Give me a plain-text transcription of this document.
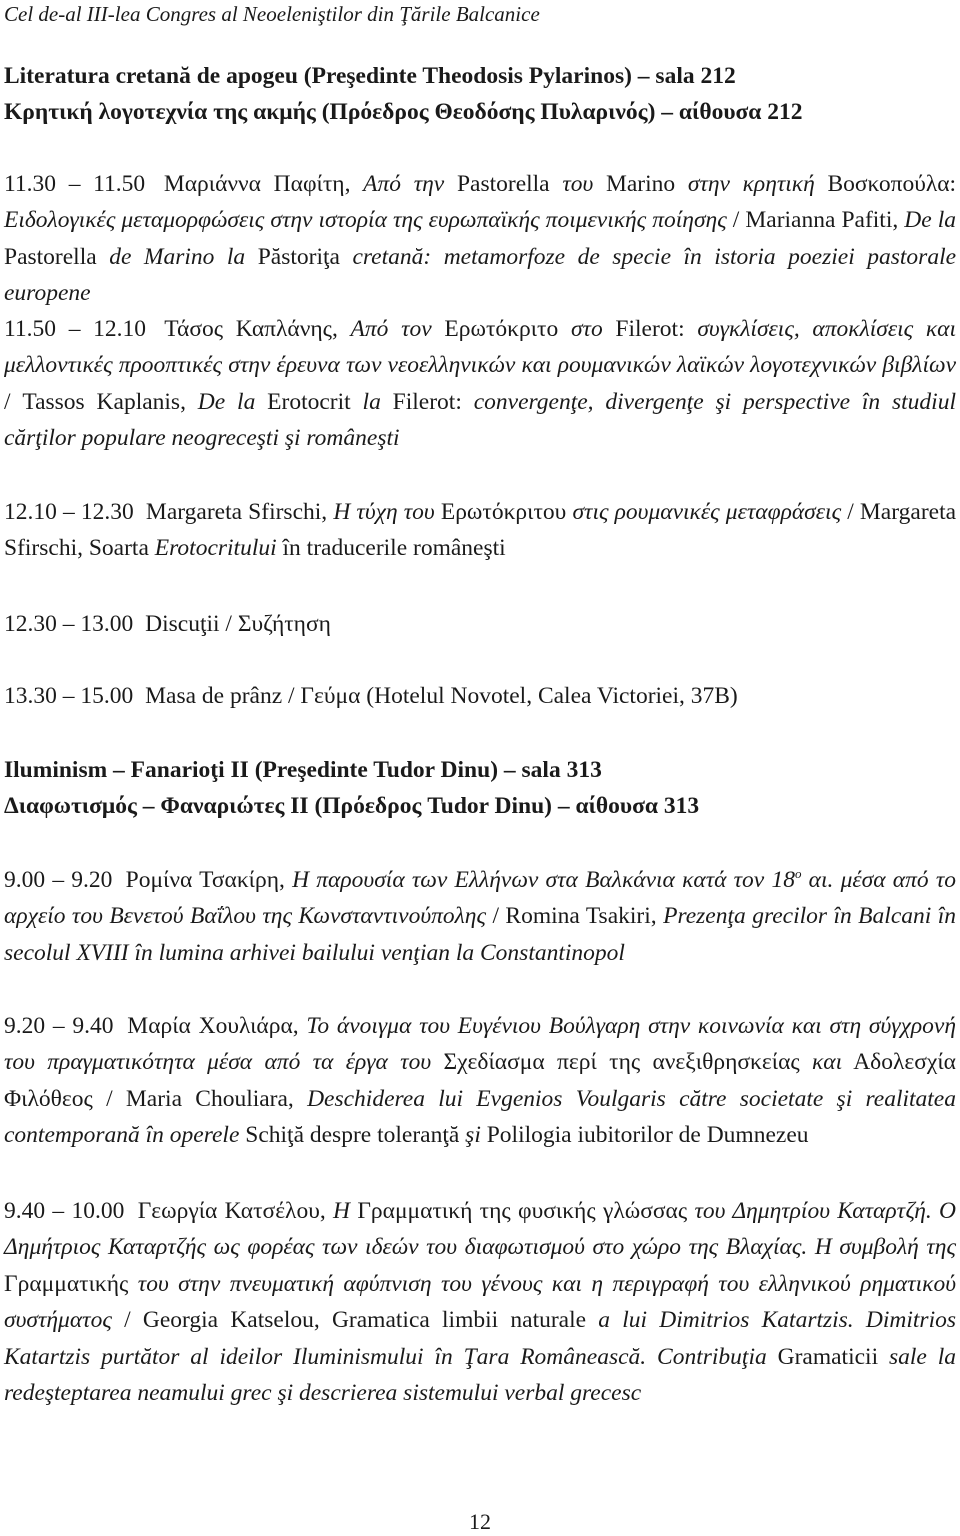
Cel de-al III-lea Congres al Neoeleniştilor din Ţările Balcanice
Literatura cretană de apogeu (Preşedinte Theodosis Pylarinos) – sala 212
Κρητική λογοτεχνία της ακμής (Πρόεδρος Θεοδόσης Πυλαρινός) – αίθουσα 212
11.30 – 11.50 Μαριάννα Παφίτη, Από την Pastorella του Marino στην κρητική Βοσκοπούλα: Ειδολογικές μεταμορφώσεις στην ιστορία της ευρωπαϊκής ποιμενικής ποίησης / Marianna Pafiti, De la Pastorella de Marino la Păstoriţa cretană: metamorfoze de specie în istoria poeziei pastorale europene
11.50 – 12.10 Τάσος Καπλάνης, Από τον Ερωτόκριτο στο Filerot: συγκλίσεις, αποκλίσεις και μελλοντικές προοπτικές στην έρευνα των νεοελληνικών και ρουμανικών λαϊκών λογοτεχνικών βιβλίων / Tassos Kaplanis, De la Erotocrit la Filerot: convergenţe, divergenţe şi perspective în studiul cărţilor populare neogreceşti şi româneşti
12.10 – 12.30 Margareta Sfirschi, Η τύχη του Ερωτόκριτου στις ρουμανικές μεταφράσεις / Margareta Sfirschi, Soarta Erotocritului în traducerile româneşti
12.30 – 13.00 Discuţii / Συζήτηση
13.30 – 15.00 Masa de prânz / Γεύμα (Hotelul Novotel, Calea Victoriei, 37B)
Iluminism – Fanarioţi II (Preşedinte Tudor Dinu) – sala 313
Διαφωτισμός – Φαναριώτες II (Πρόεδρος Tudor Dinu) – αίθουσα 313
9.00 – 9.20 Ρομίνα Τσακίρη, Η παρουσία των Ελλήνων στα Βαλκάνια κατά τον $18^o$ αι. μέσα από το αρχείο του Βενετού Βαΐλου της Κωνσταντινούπολης / Romina Tsakiri, Prezenţa grecilor în Balcani în secolul XVIII în lumina arhivei bailului venţian la Constantinopol
9.20 – 9.40 Μαρία Χουλιάρα, Το άνοιγμα του Ευγένιου Βούλγαρη στην κοινωνία και στη σύγχρονή του πραγματικότητα μέσα από τα έργα του Σχεδίασμα περί της ανεξιθρησκείας και Αδολεσχία Φιλόθεος / Maria Chouliara, Deschiderea lui Evgenios Voulgaris către societate şi realitatea contemporană în operele Schiţă despre toleranţă şi Polilogia iubitorilor de Dumnezeu
9.40 – 10.00 Γεωργία Κατσέλου, Η Γραμματική της φυσικής γλώσσας του Δημητρίου Καταρτζή. Ο Δημήτριος Καταρτζής ως φορέας των ιδεών του διαφωτισμού στο χώρο της Βλαχίας. Η συμβολή της Γραμματικής του στην πνευματική αφύπνιση του γένους και η περιγραφή του ελληνικού ρηματικού συστήματος / Georgia Katselou, Gramatica limbii naturale a lui Dimitrios Katartzis. Dimitrios Katartzis purtător al ideilor Iluminismului în Ţara Românească. Contribuţia Gramaticii sale la redeşteptarea neamului grec şi descrierea sistemului verbal grecesc
12
